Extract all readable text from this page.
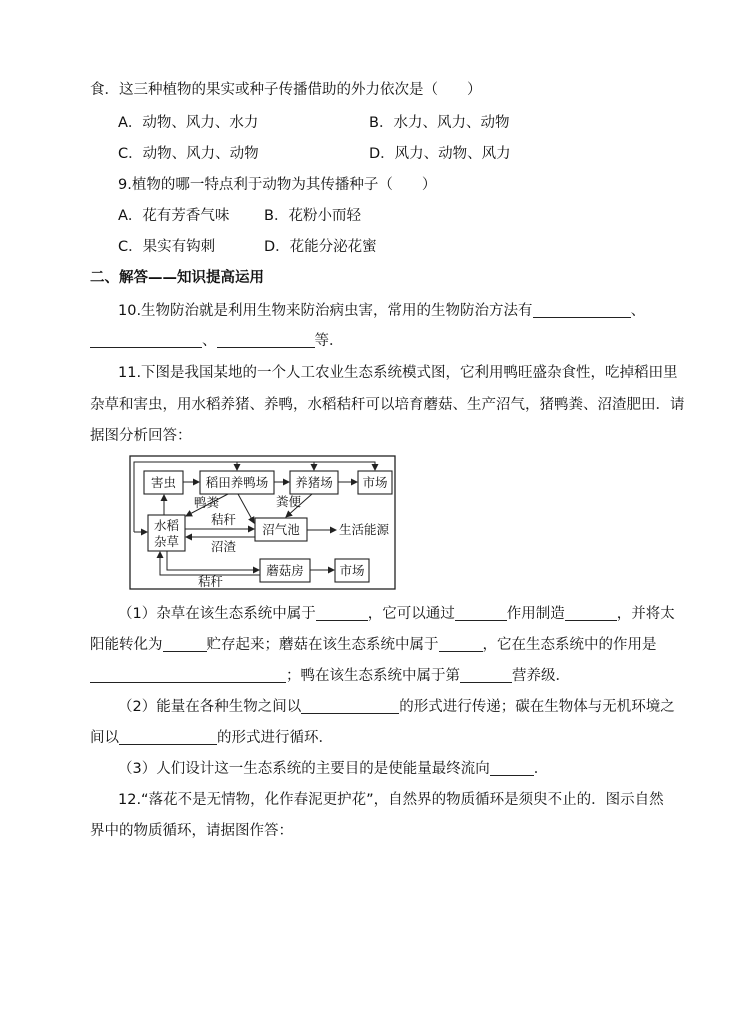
食．这三种植物的果实或种子传播借助的外力依次是（　　）
A．动物、风力、水力	B．水力、风力、动物
C．动物、风力、动物	D．风力、动物、风力
9.植物的哪一特点利于动物为其传播种子（　　）
A．花有芳香气味 B．花粉小而轻
C．果实有钩刺	D．花能分泌花蜜
二、解答——知识提高运用
10.生物防治就是利用生物来防治病虫害，常用的生物防治方法有	、
、	等．
11.下图是我国某地的一个人工农业生态系统模式图，它利用鸭旺盛杂食性，吃掉稻田里
杂草和害虫，用水稻养猪、养鸭，水稻秸秆可以培育蘑菇、生产沼气，猪鸭粪、沼渣肥田．请
据图分析回答：
害虫 稻田养鸭场 养猪场 市场
水稻
杂草
沼气池	生活能源
蘑菇房	市场
鸭粪	粪便
秸秆
沼渣
秸秆
（1）杂草在该生态系统中属于	，它可以通过	作用制造	，并将太
阳能转化为	贮存起来；蘑菇在该生态系统中属于	，它在生态系统中的作用是
；鸭在该生态系统中属于第	营养级．
（2）能量在各种生物之间以	的形式进行传递；碳在生物体与无机环境之
间以	的形式进行循环．
（3）人们设计这一生态系统的主要目的是使能量最终流向	．
12.“落花不是无情物，化作春泥更护花”，自然界的物质循环是须臾不止的．图示自然
界中的物质循环，请据图作答：
